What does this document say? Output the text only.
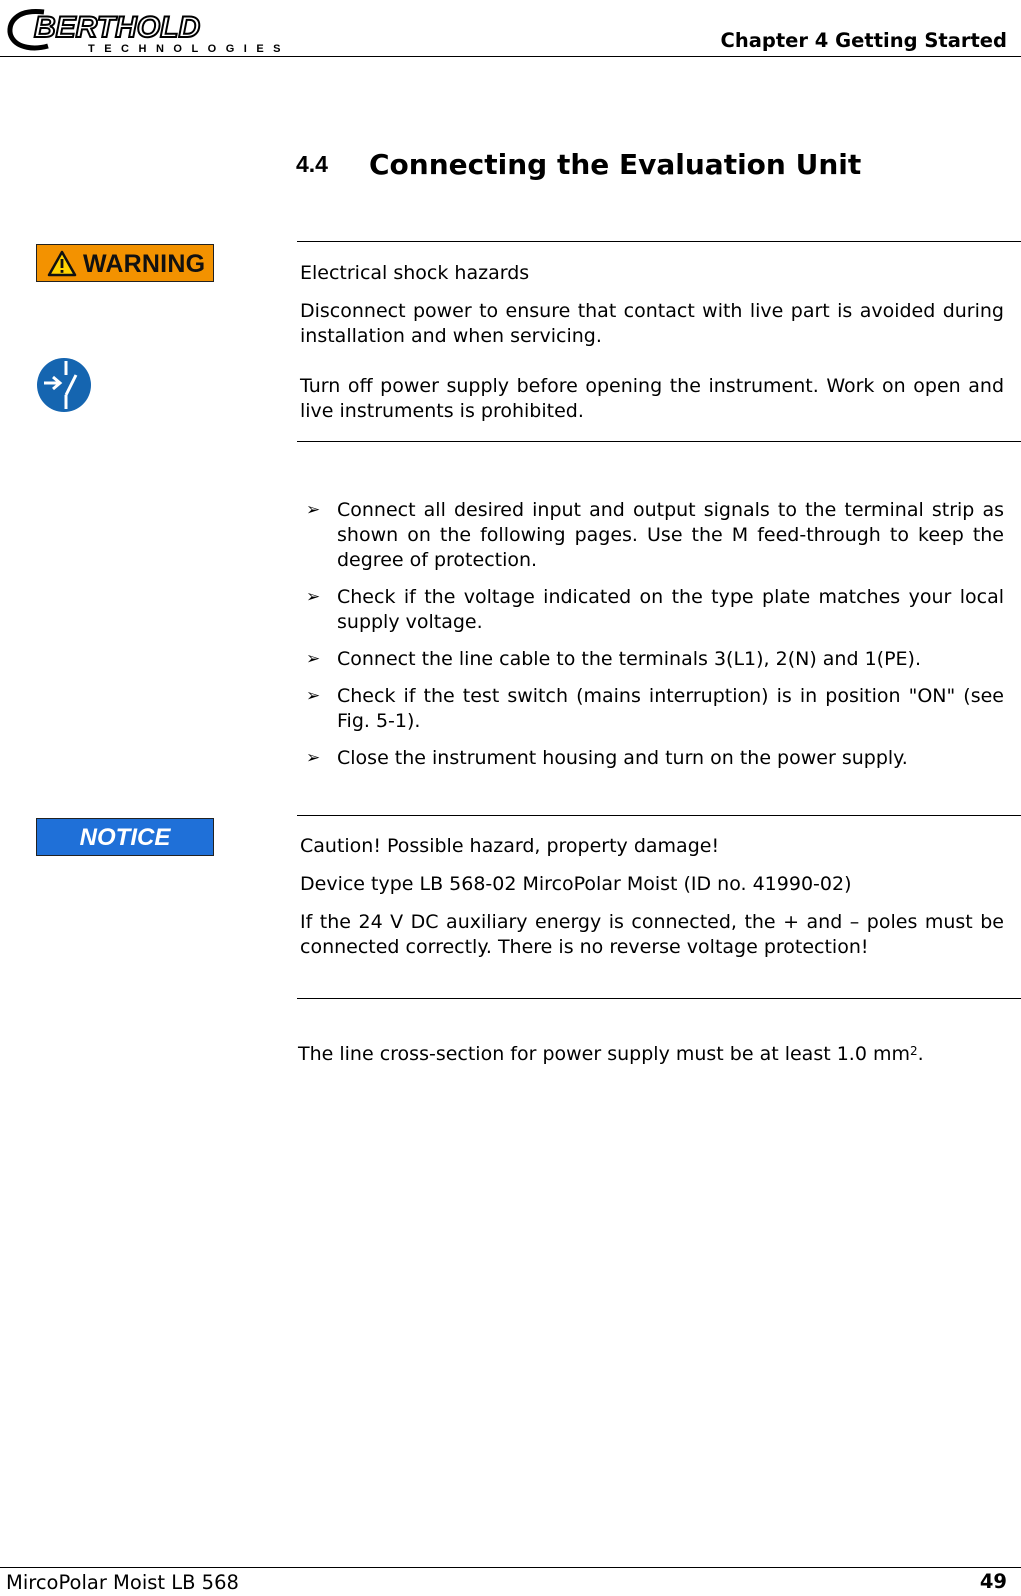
BERTHOLD
TECHNOLOGIES	Chapter 4 Getting Started
4.4 Connecting the Evaluation Unit
WARNING	Electrical shock hazards

Disconnect power to ensure that contact with live part is avoided during installation and when servicing.

Turn off power supply before opening the instrument. Work on open and live instruments is prohibited.

➢ Connect all desired input and output signals to the terminal strip as shown on the following pages. Use the M feed-through to keep the degree of protection.
➢ Check if the voltage indicated on the type plate matches your local supply voltage.
➢ Connect the line cable to the terminals 3(L1), 2(N) and 1(PE).
➢ Check if the test switch (mains interruption) is in position "ON" (see Fig. 5-1).
➢ Close the instrument housing and turn on the power supply.
NOTICE	Caution! Possible hazard, property damage!

Device type LB 568-02 MircoPolar Moist (ID no. 41990-02)

If the 24 V DC auxiliary energy is connected, the + and – poles must be connected correctly. There is no reverse voltage protection!

The line cross-section for power supply must be at least 1.0 $mm^2$.

MircoPolar Moist LB 568	49
